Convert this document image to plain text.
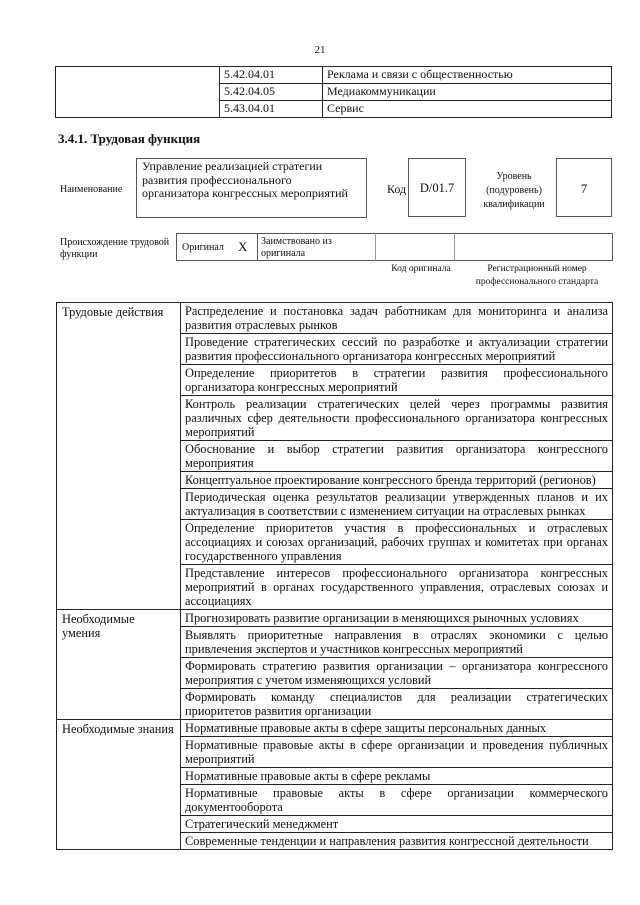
21
	5.42.04.01	Реклама и связи с общественностью
	5.42.04.05	Медиакоммуникации
	5.43.04.01	Сервис
3.4.1. Трудовая функция
Наименование
Управление реализацией стратегии развития профессионального организатора конгрессных мероприятий	Код	D/01.7
Уровень (подуровень) квалификации
7
Происхождение трудовой функции
Оригинал X Заимствовано из оригинала
Код оригинала	Регистрационный номер профессионального стандарта
Трудовые действия	Распределение и постановка задач работникам для мониторинга и анализа развития отраслевых рынков
	Проведение стратегических сессий по разработке и актуализации стратегии развития профессионального организатора конгрессных мероприятий
	Определение приоритетов в стратегии развития профессионального организатора конгрессных мероприятий
	Контроль реализации стратегических целей через программы развития различных сфер деятельности профессионального организатора конгрессных мероприятий
	Обоснование и выбор стратегии развития организатора конгрессного мероприятия
	Концептуальное проектирование конгрессного бренда территорий (регионов)
	Периодическая оценка результатов реализации утвержденных планов и их актуализация в соответствии с изменением ситуации на отраслевых рынках
	Определение приоритетов участия в профессиональных и отраслевых ассоциациях и союзах организаций, рабочих группах и комитетах при органах государственного управления
	Представление интересов профессионального организатора конгрессных мероприятий в органах государственного управления, отраслевых союзах и ассоциациях
Необходимые умения	Прогнозировать развитие организации в меняющихся рыночных условиях
	Выявлять приоритетные направления в отраслях экономики с целью привлечения экспертов и участников конгрессных мероприятий
	Формировать стратегию развития организации – организатора конгрессного мероприятия с учетом изменяющихся условий
	Формировать команду специалистов для реализации стратегических приоритетов развития организации
Необходимые знания	Нормативные правовые акты в сфере защиты персональных данных
	Нормативные правовые акты в сфере организации и проведения публичных мероприятий
	Нормативные правовые акты в сфере рекламы
	Нормативные правовые акты в сфере организации коммерческого документооборота
	Стратегический менеджмент
	Современные тенденции и направления развития конгрессной деятельности
